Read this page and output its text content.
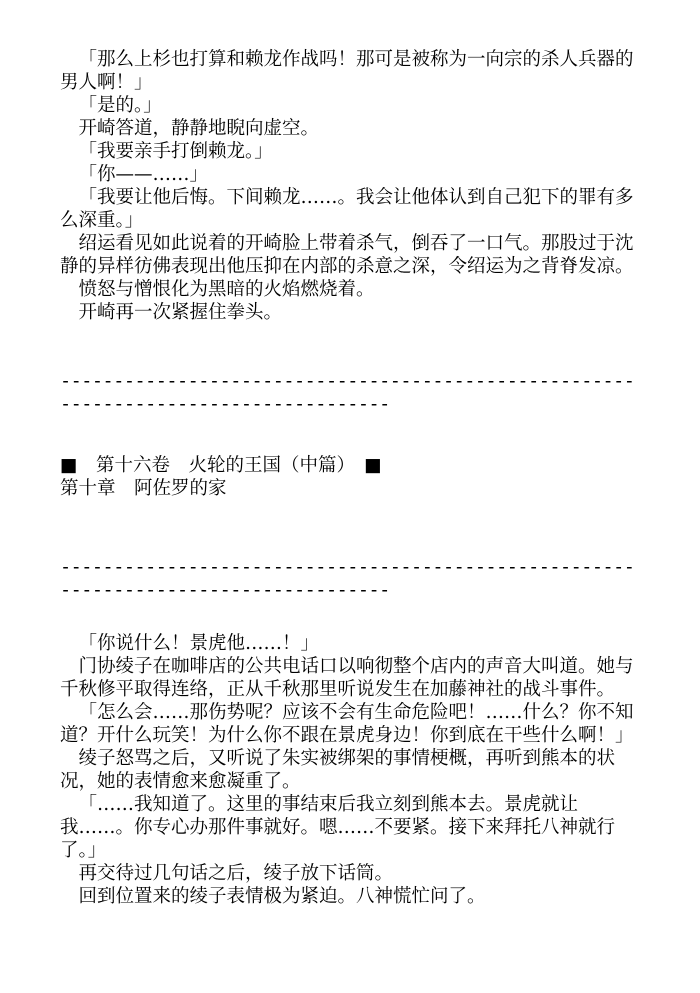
「那么上杉也打算和赖龙作战吗！那可是被称为一向宗的杀人兵器的男人啊！」

「是的。」

开崎答道，静静地睨向虚空。

「我要亲手打倒赖龙。」

「你——……」

「我要让他后悔。下间赖龙……。我会让他体认到自己犯下的罪有多么深重。」

绍运看见如此说着的开崎脸上带着杀气，倒吞了一口气。那股过于沈静的异样彷佛表现出他压抑在内部的杀意之深，令绍运为之背脊发凉。

愤怒与憎恨化为黑暗的火焰燃烧着。

开崎再一次紧握住拳头。

-------------------------------------------------------------------------------------

■　第十六卷　火轮的王国（中篇）　■

第十章　阿佐罗的家

-------------------------------------------------------------------------------------

「你说什么！景虎他……！」

门协绫子在咖啡店的公共电话口以响彻整个店内的声音大叫道。她与千秋修平取得连络，正从千秋那里听说发生在加藤神社的战斗事件。

「怎么会……那伤势呢？应该不会有生命危险吧！……什么？你不知道？开什么玩笑！为什么你不跟在景虎身边！你到底在干些什么啊！」

绫子怒骂之后，又听说了朱实被绑架的事情梗概，再听到熊本的状况，她的表情愈来愈凝重了。

「……我知道了。这里的事结束后我立刻到熊本去。景虎就让我……。你专心办那件事就好。嗯……不要紧。接下来拜托八神就行了。」

再交待过几句话之后，绫子放下话筒。

回到位置来的绫子表情极为紧迫。八神慌忙问了。
